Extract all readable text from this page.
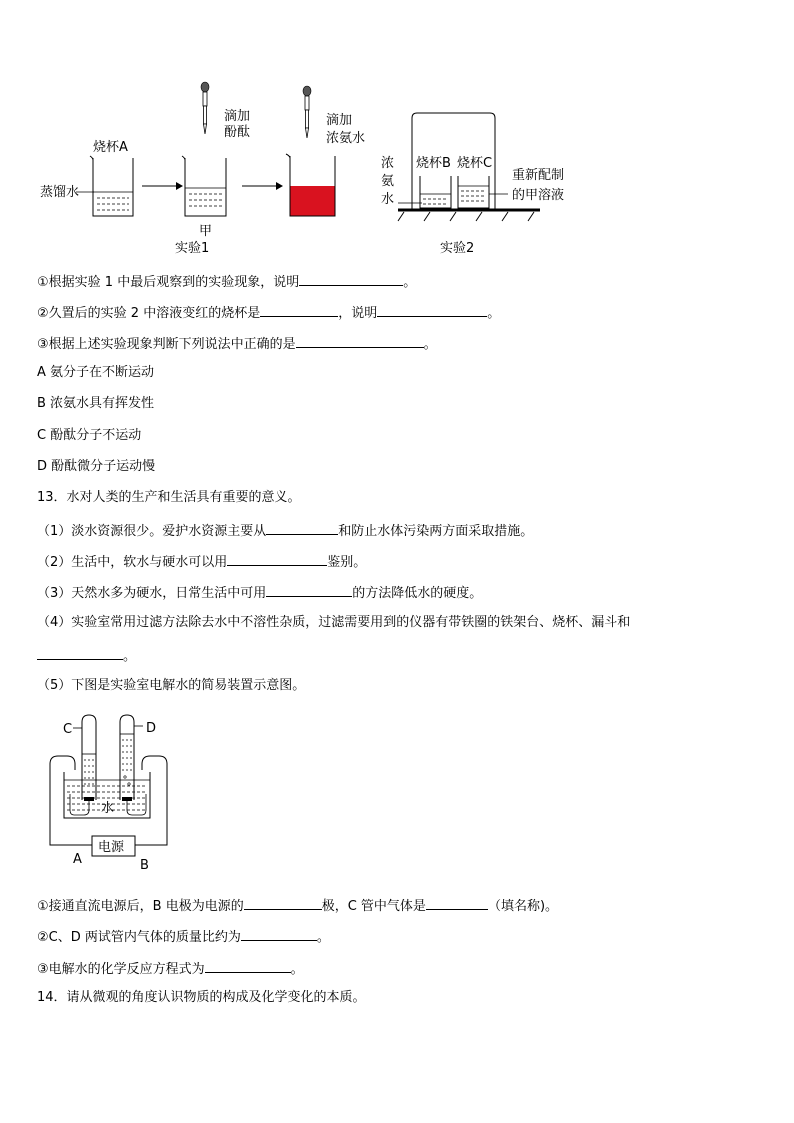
烧杯A
蒸馏水
滴加
酚酞
甲
滴加
浓氨水
实验1
浓
氨
水
烧杯B 烧杯C
重新配制
的甲溶液
实验2
①根据实验 1 中最后观察到的实验现象，说明	。
②久置后的实验 2 中溶液变红的烧杯是	，说明	。
③根据上述实验现象判断下列说法中正确的是	。
A 氨分子在不断运动
B 浓氨水具有挥发性
C 酚酞分子不运动
D 酚酞微分子运动慢
13．水对人类的生产和生活具有重要的意义。
（1）淡水资源很少。爱护水资源主要从	和防止水体污染两方面采取措施。
（2）生活中，软水与硬水可以用	鉴别。
（3）天然水多为硬水，日常生活中可用	的方法降低水的硬度。
（4）实验室常用过滤方法除去水中不溶性杂质，过滤需要用到的仪器有带铁圈的铁架台、烧杯、漏斗和
。
（5）下图是实验室电解水的简易装置示意图。
C	D
水
电源
A	B
①接通直流电源后，B 电极为电源的	极，C 管中气体是	（填名称)。
②C、D 两试管内气体的质量比约为	。
③电解水的化学反应方程式为	。
14．请从微观的角度认识物质的构成及化学变化的本质。
